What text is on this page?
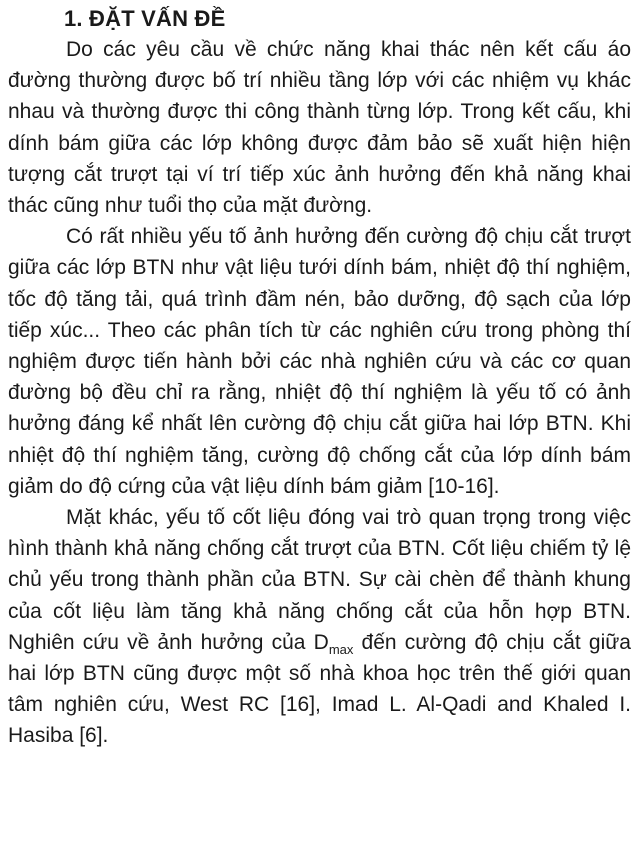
1. ĐẶT VẤN ĐỀ

Do các yêu cầu về chức năng khai thác nên kết cấu áo đường thường được bố trí nhiều tầng lớp với các nhiệm vụ khác nhau và thường được thi công thành từng lớp. Trong kết cấu, khi dính bám giữa các lớp không được đảm bảo sẽ xuất hiện hiện tượng cắt trượt tại ví trí tiếp xúc ảnh hưởng đến khả năng khai thác cũng như tuổi thọ của mặt đường.

Có rất nhiều yếu tố ảnh hưởng đến cường độ chịu cắt trượt giữa các lớp BTN như vật liệu tưới dính bám, nhiệt độ thí nghiệm, tốc độ tăng tải, quá trình đầm nén, bảo dưỡng, độ sạch của lớp tiếp xúc... Theo các phân tích từ các nghiên cứu trong phòng thí nghiệm được tiến hành bởi các nhà nghiên cứu và các cơ quan đường bộ đều chỉ ra rằng, nhiệt độ thí nghiệm là yếu tố có ảnh hưởng đáng kể nhất lên cường độ chịu cắt giữa hai lớp BTN. Khi nhiệt độ thí nghiệm tăng, cường độ chống cắt của lớp dính bám giảm do độ cứng của vật liệu dính bám giảm [10-16].

Mặt khác, yếu tố cốt liệu đóng vai trò quan trọng trong việc hình thành khả năng chống cắt trượt của BTN. Cốt liệu chiếm tỷ lệ chủ yếu trong thành phần của BTN. Sự cài chèn để thành khung của cốt liệu làm tăng khả năng chống cắt của hỗn hợp BTN. Nghiên cứu về ảnh hưởng của $D_{max}$ đến cường độ chịu cắt giữa hai lớp BTN cũng được một số nhà khoa học trên thế giới quan tâm nghiên cứu, West RC [16], Imad L. Al-Qadi and Khaled I. Hasiba [6].
